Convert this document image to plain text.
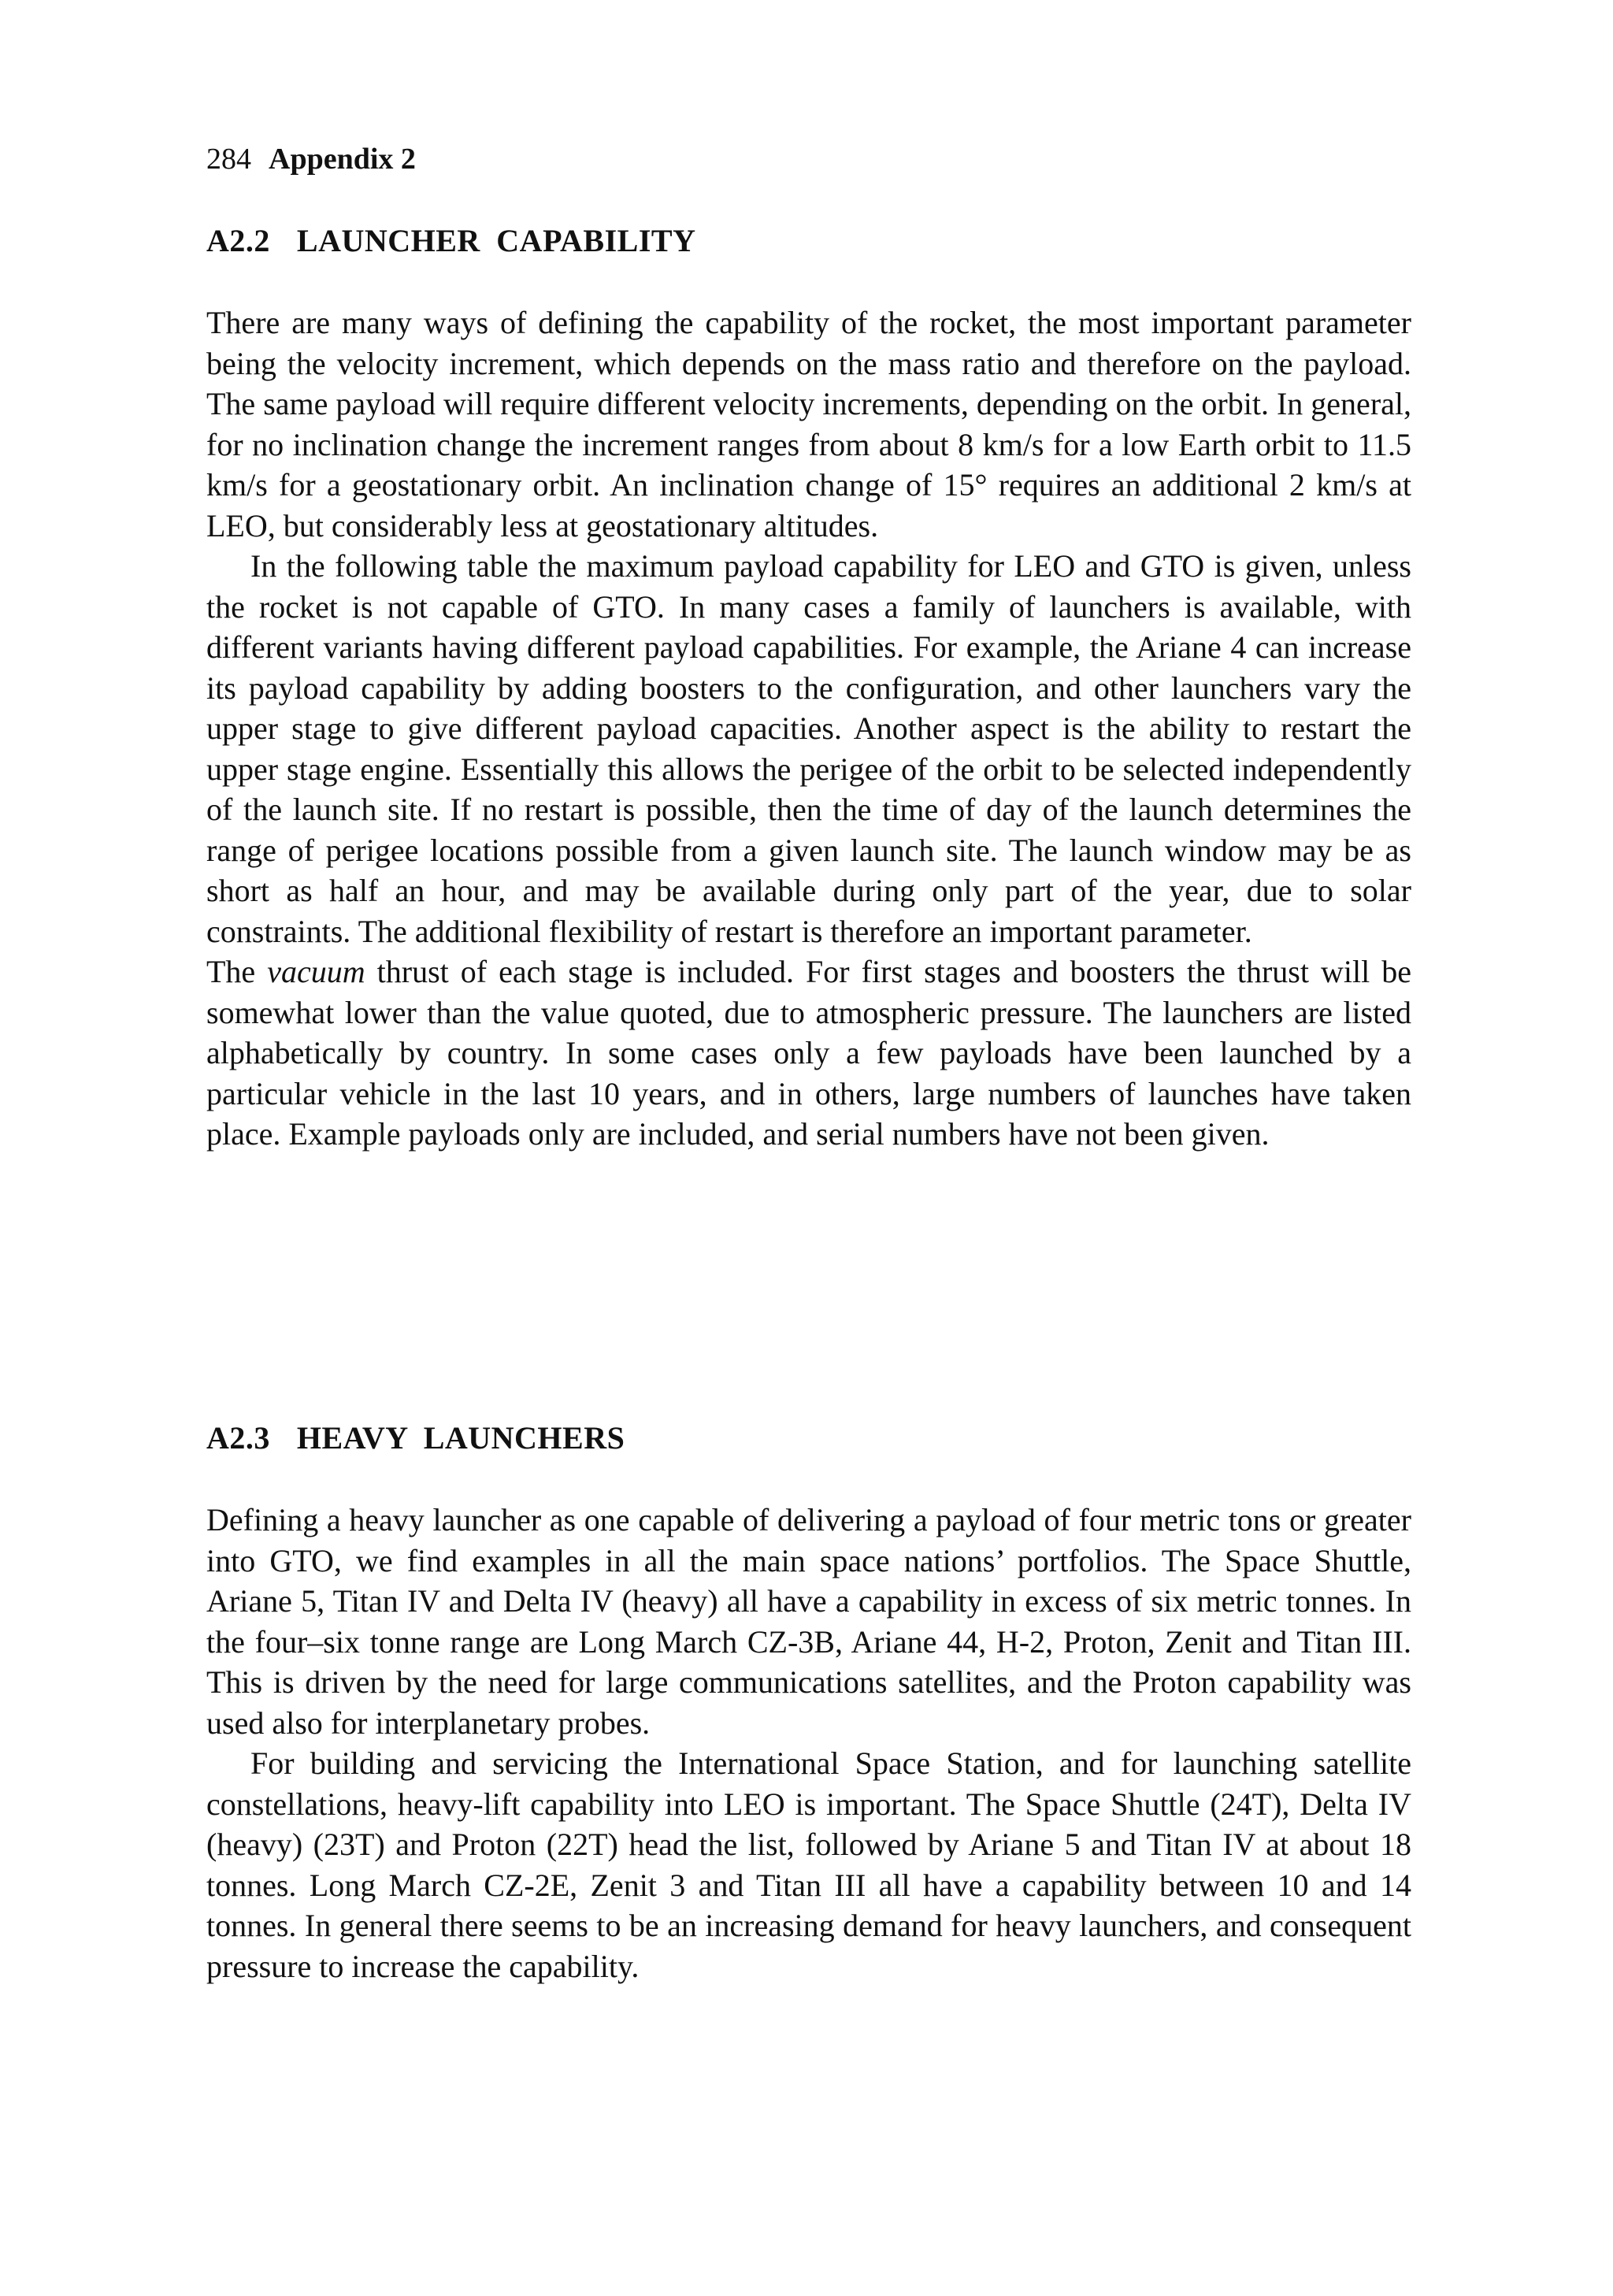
284 Appendix 2
A2.2 LAUNCHER CAPABILITY

There are many ways of defining the capability of the rocket, the most important parameter being the velocity increment, which depends on the mass ratio and therefore on the payload. The same payload will require different velocity increments, depending on the orbit. In general, for no inclination change the increment ranges from about 8 km/s for a low Earth orbit to 11.5 km/s for a geostationary orbit. An inclination change of 15° requires an additional 2 km/s at LEO, but considerably less at geostationary altitudes.

In the following table the maximum payload capability for LEO and GTO is given, unless the rocket is not capable of GTO. In many cases a family of launchers is available, with different variants having different payload capabilities. For example, the Ariane 4 can increase its payload capability by adding boosters to the configuration, and other launchers vary the upper stage to give different payload capacities. Another aspect is the ability to restart the upper stage engine. Essentially this allows the perigee of the orbit to be selected independently of the launch site. If no restart is possible, then the time of day of the launch determines the range of perigee locations possible from a given launch site. The launch window may be as short as half an hour, and may be available during only part of the year, due to solar constraints. The additional flexibility of restart is therefore an important parameter.

The vacuum thrust of each stage is included. For first stages and boosters the thrust will be somewhat lower than the value quoted, due to atmospheric pressure. The launchers are listed alphabetically by country. In some cases only a few payloads have been launched by a particular vehicle in the last 10 years, and in others, large numbers of launches have taken place. Example payloads only are included, and serial numbers have not been given.

A2.3 HEAVY LAUNCHERS

Defining a heavy launcher as one capable of delivering a payload of four metric tons or greater into GTO, we find examples in all the main space nations’ portfolios. The Space Shuttle, Ariane 5, Titan IV and Delta IV (heavy) all have a capability in excess of six metric tonnes. In the four–six tonne range are Long March CZ-3B, Ariane 44, H-2, Proton, Zenit and Titan III. This is driven by the need for large communications satellites, and the Proton capability was used also for interplanetary probes.

For building and servicing the International Space Station, and for launching satellite constellations, heavy-lift capability into LEO is important. The Space Shuttle (24T), Delta IV (heavy) (23T) and Proton (22T) head the list, followed by Ariane 5 and Titan IV at about 18 tonnes. Long March CZ-2E, Zenit 3 and Titan III all have a capability between 10 and 14 tonnes. In general there seems to be an increasing demand for heavy launchers, and consequent pressure to increase the capability.
